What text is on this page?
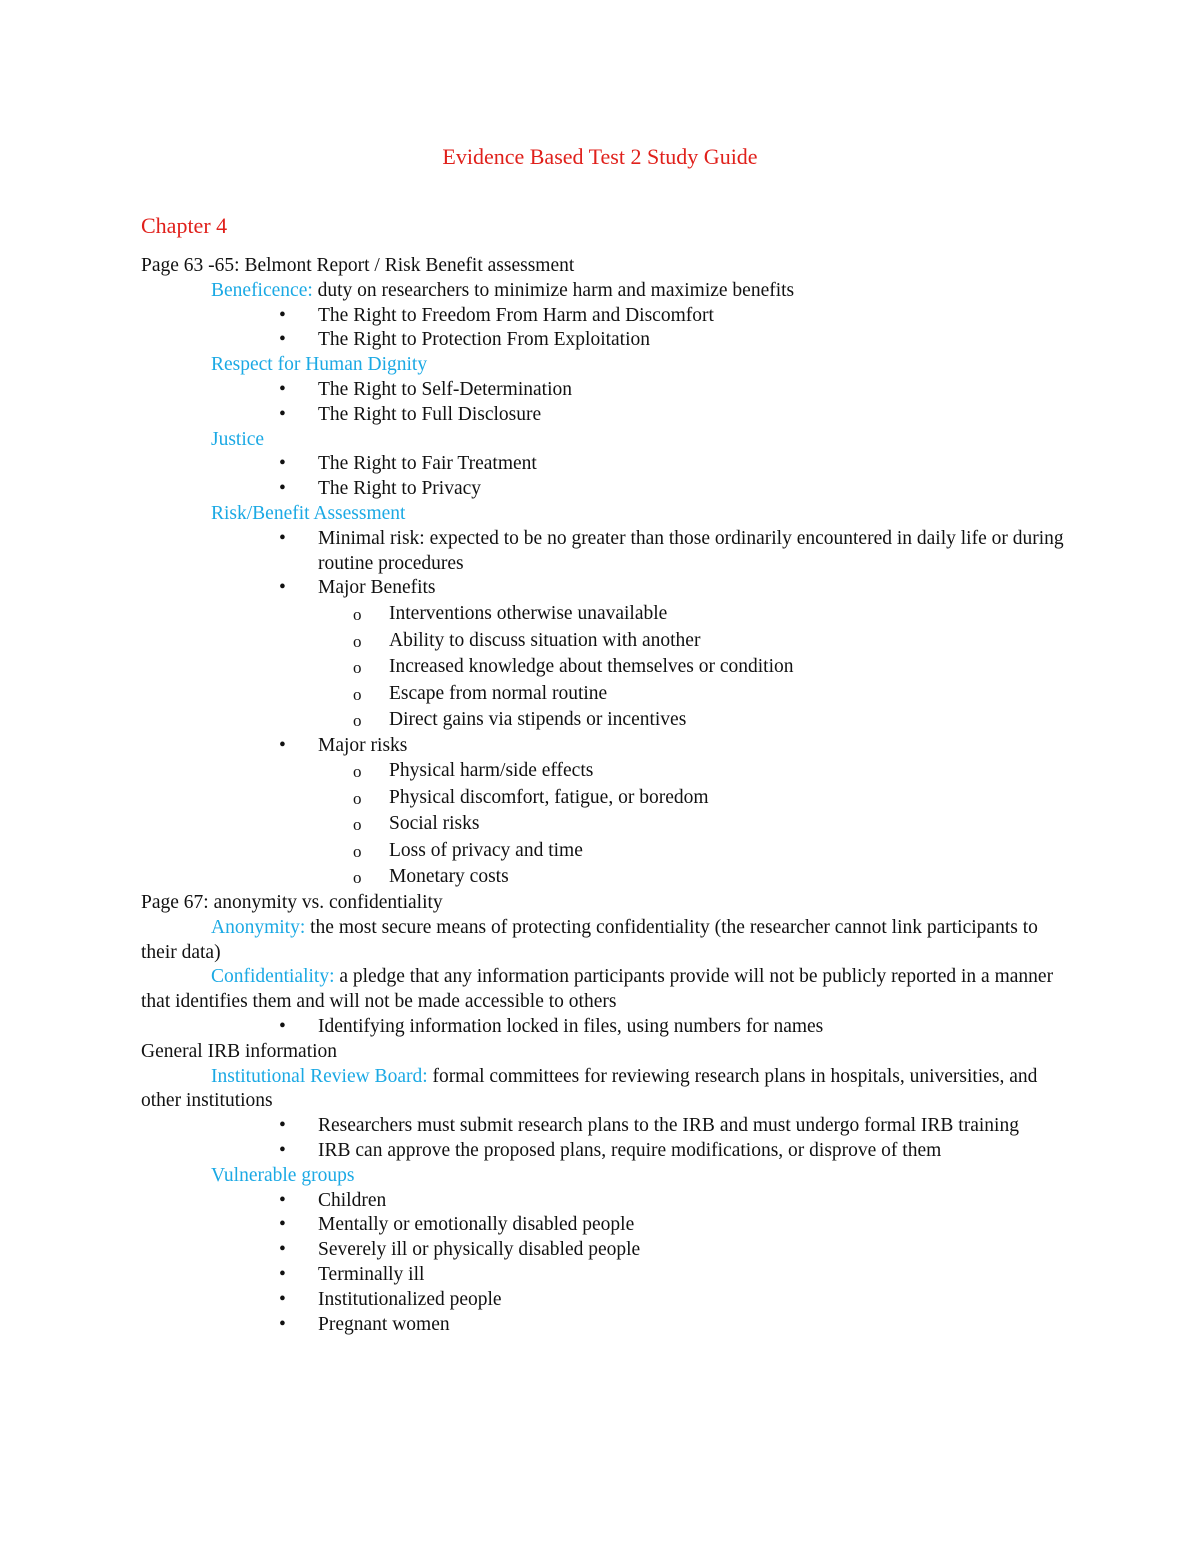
Evidence Based Test 2 Study Guide
Chapter 4

Page 63 -65: Belmont Report / Risk Benefit assessment

Beneficence: duty on researchers to minimize harm and maximize benefits

• The Right to Freedom From Harm and Discomfort
• The Right to Protection From Exploitation

Respect for Human Dignity

• The Right to Self-Determination
• The Right to Full Disclosure

Justice

• The Right to Fair Treatment
• The Right to Privacy

Risk/Benefit Assessment

• Minimal risk: expected to be no greater than those ordinarily encountered in daily life or during routine procedures
• Major Benefits
o Interventions otherwise unavailable
o Ability to discuss situation with another
o Increased knowledge about themselves or condition
o Escape from normal routine
o Direct gains via stipends or incentives
• Major risks
o Physical harm/side effects
o Physical discomfort, fatigue, or boredom
o Social risks
o Loss of privacy and time
o Monetary costs

Page 67: anonymity vs. confidentiality

Anonymity: the most secure means of protecting confidentiality (the researcher cannot link participants to their data)

Confidentiality: a pledge that any information participants provide will not be publicly reported in a manner that identifies them and will not be made accessible to others

• Identifying information locked in files, using numbers for names

General IRB information

Institutional Review Board: formal committees for reviewing research plans in hospitals, universities, and other institutions

• Researchers must submit research plans to the IRB and must undergo formal IRB training
• IRB can approve the proposed plans, require modifications, or disprove of them

Vulnerable groups

• Children
• Mentally or emotionally disabled people
• Severely ill or physically disabled people
• Terminally ill
• Institutionalized people
• Pregnant women
